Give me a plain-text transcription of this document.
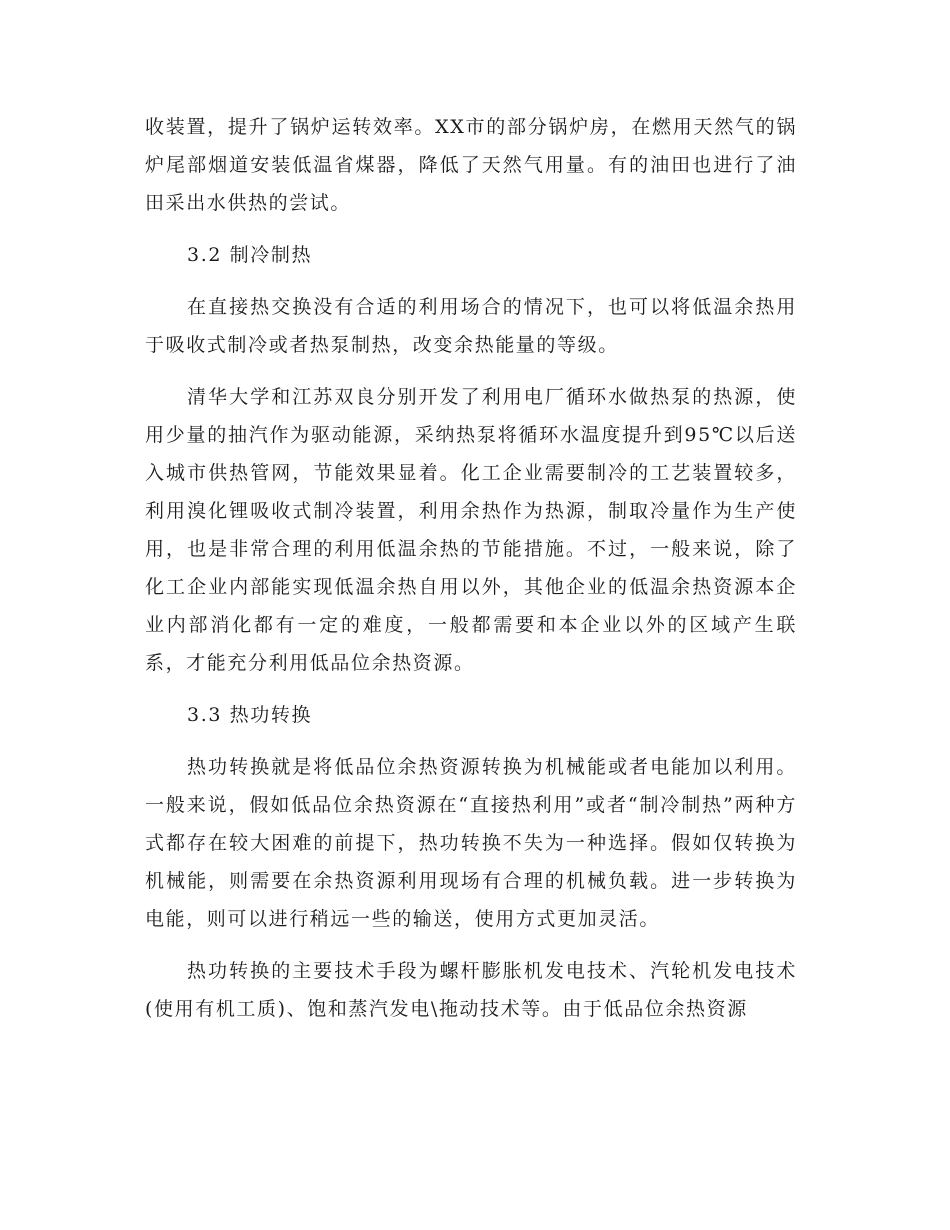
收装置，提升了锅炉运转效率。XX市的部分锅炉房，在燃用天然气的锅炉尾部烟道安装低温省煤器，降低了天然气用量。有的油田也进行了油田采出水供热的尝试。

3.2 制冷制热

在直接热交换没有合适的利用场合的情况下，也可以将低温余热用于吸收式制冷或者热泵制热，改变余热能量的等级。

清华大学和江苏双良分别开发了利用电厂循环水做热泵的热源，使用少量的抽汽作为驱动能源，采纳热泵将循环水温度提升到95℃以后送入城市供热管网，节能效果显着。化工企业需要制冷的工艺装置较多，利用溴化锂吸收式制冷装置，利用余热作为热源，制取冷量作为生产使用，也是非常合理的利用低温余热的节能措施。不过，一般来说，除了化工企业内部能实现低温余热自用以外，其他企业的低温余热资源本企业内部消化都有一定的难度，一般都需要和本企业以外的区域产生联系，才能充分利用低品位余热资源。

3.3 热功转换

热功转换就是将低品位余热资源转换为机械能或者电能加以利用。一般来说，假如低品位余热资源在“直接热利用”或者“制冷制热”两种方式都存在较大困难的前提下，热功转换不失为一种选择。假如仅转换为机械能，则需要在余热资源利用现场有合理的机械负载。进一步转换为电能，则可以进行稍远一些的输送，使用方式更加灵活。

热功转换的主要技术手段为螺杆膨胀机发电技术、汽轮机发电技术(使用有机工质)、饱和蒸汽发电\拖动技术等。由于低品位余热资源
